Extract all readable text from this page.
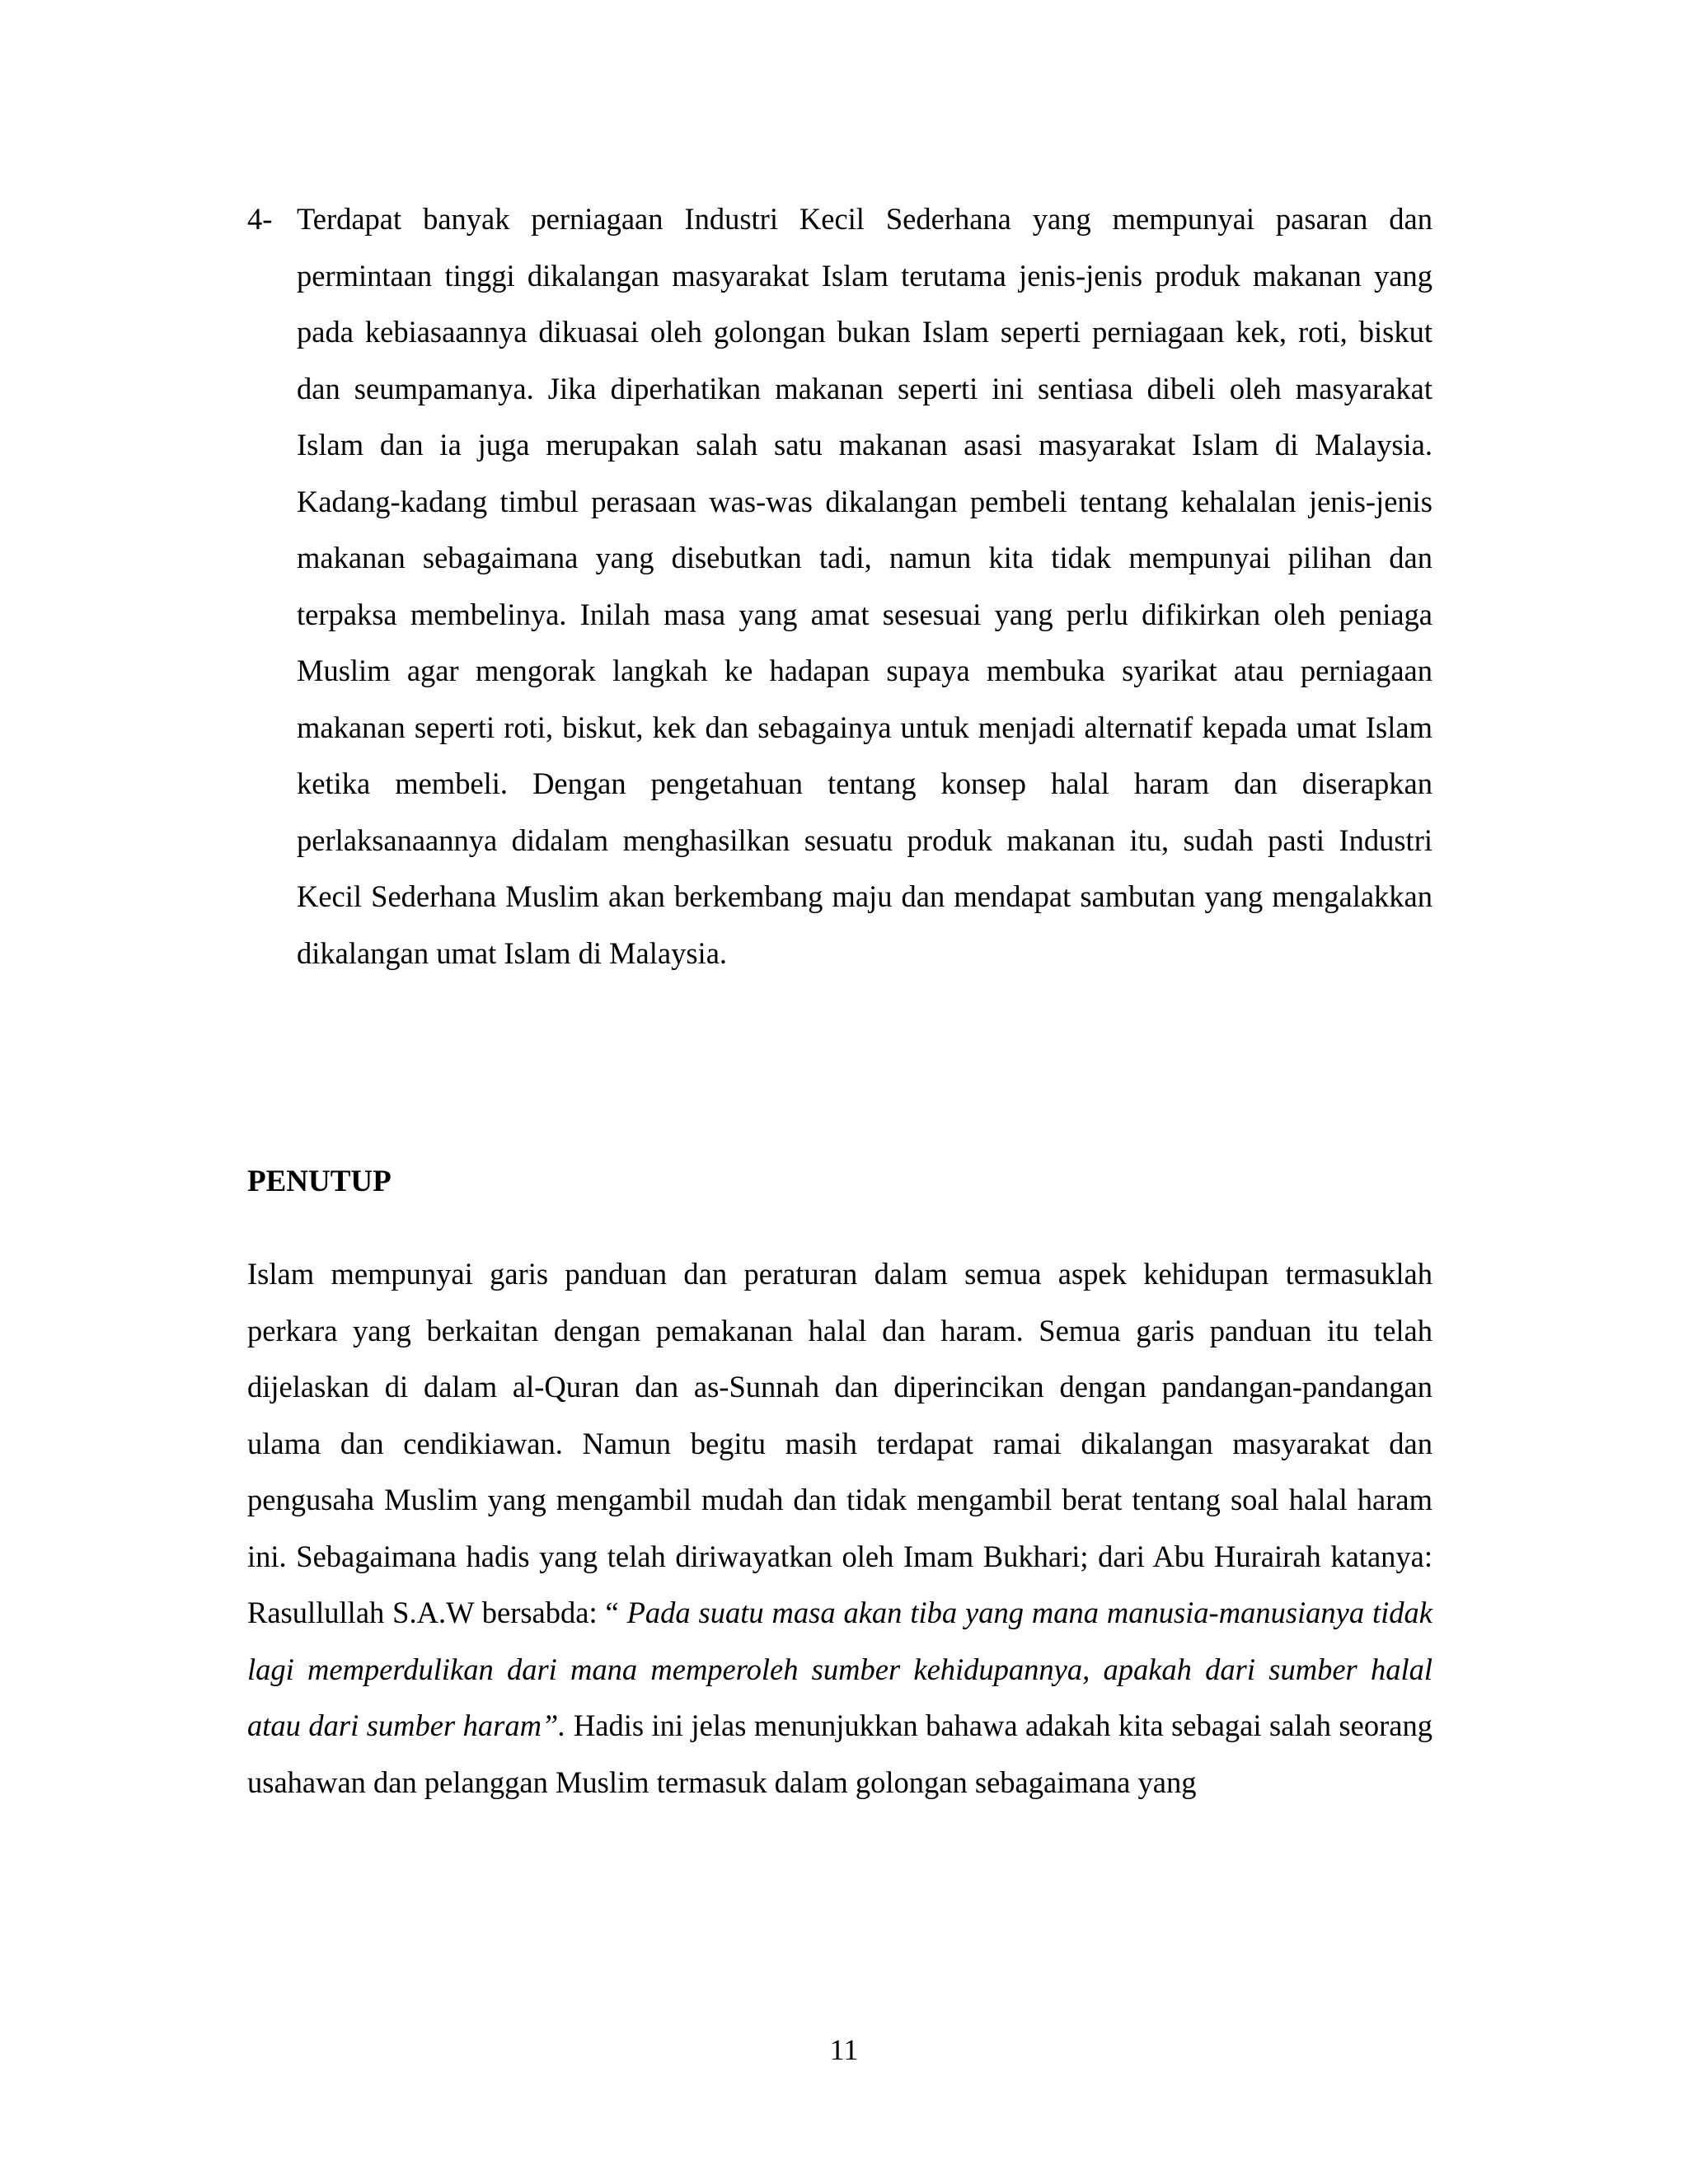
4- Terdapat banyak perniagaan Industri Kecil Sederhana yang mempunyai pasaran dan permintaan tinggi dikalangan masyarakat Islam terutama jenis-jenis produk makanan yang pada kebiasaannya dikuasai oleh golongan bukan Islam seperti perniagaan kek, roti, biskut dan seumpamanya. Jika diperhatikan makanan seperti ini sentiasa dibeli oleh masyarakat Islam dan ia juga merupakan salah satu makanan asasi masyarakat Islam di Malaysia. Kadang-kadang timbul perasaan was-was dikalangan pembeli tentang kehalalan jenis-jenis makanan sebagaimana yang disebutkan tadi, namun kita tidak mempunyai pilihan dan terpaksa membelinya. Inilah masa yang amat sesesuai yang perlu difikirkan oleh peniaga Muslim agar mengorak langkah ke hadapan supaya membuka syarikat atau perniagaan makanan seperti roti, biskut, kek dan sebagainya untuk menjadi alternatif kepada umat Islam ketika membeli. Dengan pengetahuan tentang konsep halal haram dan diserapkan perlaksanaannya didalam menghasilkan sesuatu produk makanan itu, sudah pasti Industri Kecil Sederhana Muslim akan berkembang maju dan mendapat sambutan yang mengalakkan dikalangan umat Islam di Malaysia.
PENUTUP
Islam mempunyai garis panduan dan peraturan dalam semua aspek kehidupan termasuklah perkara yang berkaitan dengan pemakanan halal dan haram. Semua garis panduan itu telah dijelaskan di dalam al-Quran dan as-Sunnah dan diperincikan dengan pandangan-pandangan ulama dan cendikiawan. Namun begitu masih terdapat ramai dikalangan masyarakat dan pengusaha Muslim yang mengambil mudah dan tidak mengambil berat tentang soal halal haram ini. Sebagaimana hadis yang telah diriwayatkan oleh Imam Bukhari; dari Abu Hurairah katanya: Rasullullah S.A.W bersabda: “ Pada suatu masa akan tiba yang mana manusia-manusianya tidak lagi memperdulikan dari mana memperoleh sumber kehidupannya, apakah dari sumber halal atau dari sumber haram”. Hadis ini jelas menunjukkan bahawa adakah kita sebagai salah seorang usahawan dan pelanggan Muslim termasuk dalam golongan sebagaimana yang
11
